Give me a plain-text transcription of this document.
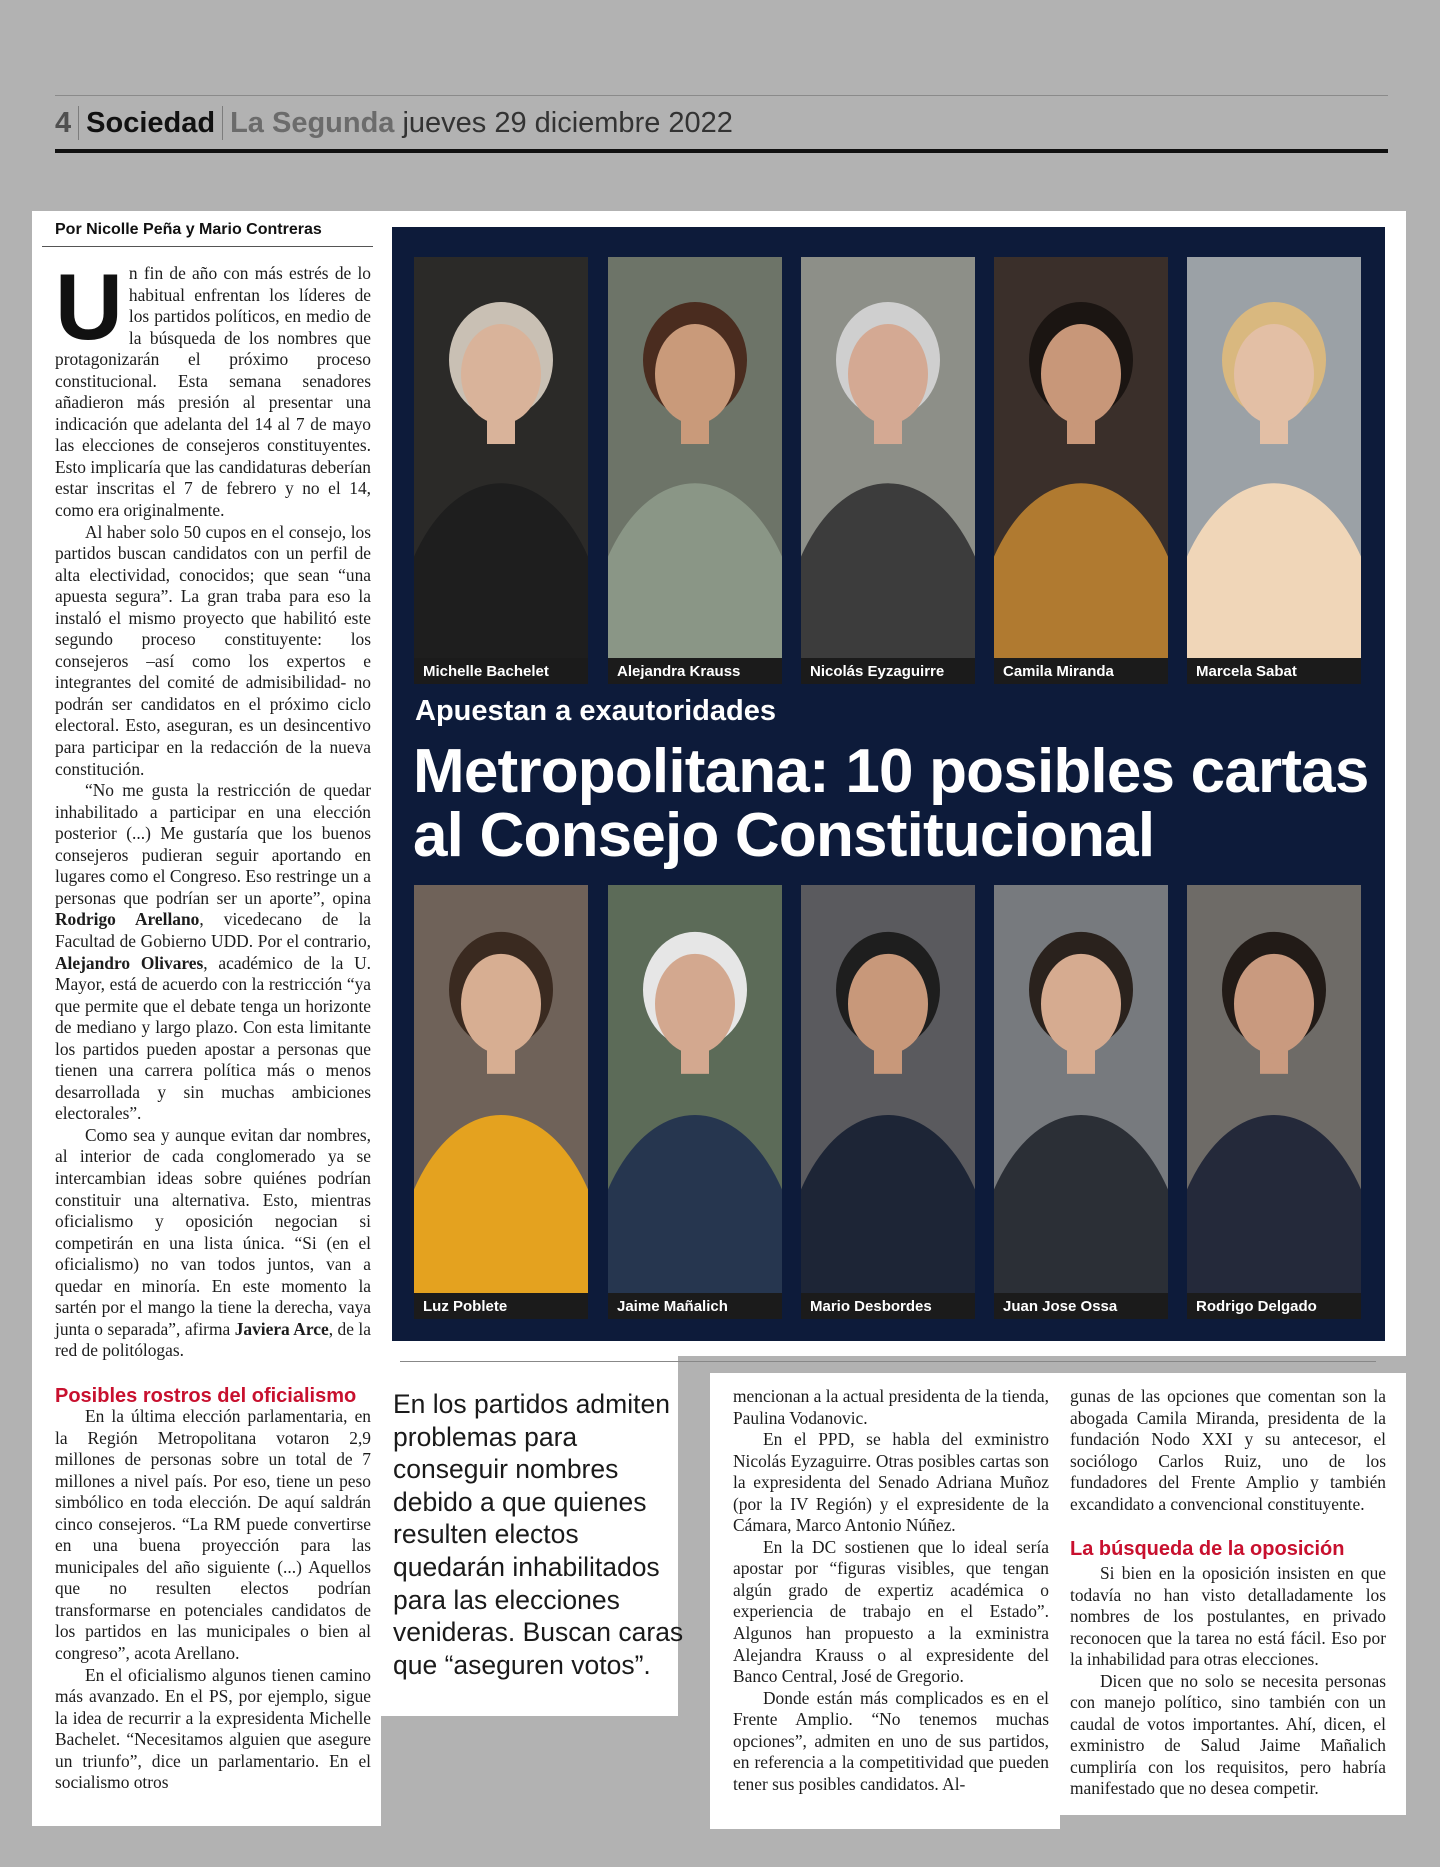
4 Sociedad La Segunda jueves 29 diciembre 2022
Por Nicolle Peña y Mario Contreras
Michelle Bachelet	Alejandra Krauss	Nicolás Eyzaguirre	Camila Miranda	Marcela Sabat
Luz Poblete	Jaime Mañalich	Mario Desbordes	Juan Jose Ossa	Rodrigo Delgado
Apuestan a exautoridades
Metropolitana: 10 posibles cartas al Consejo Constitucional

Un fin de año con más estrés de lo habitual enfrentan los líderes de los partidos políticos, en medio de la búsqueda de los nombres que protagonizarán el próximo proceso constitucional. Esta semana senadores añadieron más presión al presentar una indicación que adelanta del 14 al 7 de mayo las elecciones de consejeros constituyentes. Esto implicaría que las candidaturas deberían estar inscritas el 7 de febrero y no el 14, como era originalmente.

Al haber solo 50 cupos en el consejo, los partidos buscan candidatos con un perfil de alta electividad, conocidos; que sean “una apuesta segura”. La gran traba para eso la instaló el mismo proyecto que habilitó este segundo proceso constituyente: los consejeros –así como los expertos e integrantes del comité de admisibilidad- no podrán ser candidatos en el próximo ciclo electoral. Esto, aseguran, es un desincentivo para participar en la redacción de la nueva constitución.

“No me gusta la restricción de quedar inhabilitado a participar en una elección posterior (...) Me gustaría que los buenos consejeros pudieran seguir aportando en lugares como el Congreso. Eso restringe un a personas que podrían ser un aporte”, opina Rodrigo Arellano, vicedecano de la Facultad de Gobierno UDD. Por el contrario, Alejandro Olivares, académico de la U. Mayor, está de acuerdo con la restricción “ya que permite que el debate tenga un horizonte de mediano y largo plazo. Con esta limitante los partidos pueden apostar a personas que tienen una carrera política más o menos desarrollada y sin muchas ambiciones electorales”.

Como sea y aunque evitan dar nombres, al interior de cada conglomerado ya se intercambian ideas sobre quiénes podrían constituir una alternativa. Esto, mientras oficialismo y oposición negocian si competirán en una lista única. “Si (en el oficialismo) no van todos juntos, van a quedar en minoría. En este momento la sartén por el mango la tiene la derecha, vaya junta o separada”, afirma Javiera Arce, de la red de politólogas.

Posibles rostros del oficialismo

En la última elección parlamentaria, en la Región Metropolitana votaron 2,9 millones de personas sobre un total de 7 millones a nivel país. Por eso, tiene un peso simbólico en toda elección. De aquí saldrán cinco consejeros. “La RM puede convertirse en una buena proyección para las municipales del año siguiente (...) Aquellos que no resulten electos podrían transformarse en potenciales candidatos de los partidos en las municipales o bien al congreso”, acota Arellano.

En el oficialismo algunos tienen camino más avanzado. En el PS, por ejemplo, sigue la idea de recurrir a la expresidenta Michelle Bachelet. “Necesitamos alguien que asegure un triunfo”, dice un parlamentario. En el socialismo otros

En los partidos admiten problemas para conseguir nombres debido a que quienes resulten electos quedarán inhabilitados para las elecciones venideras. Buscan caras que “aseguren votos”.

mencionan a la actual presidenta de la tienda, Paulina Vodanovic.

En el PPD, se habla del exministro Nicolás Eyzaguirre. Otras posibles cartas son la expresidenta del Senado Adriana Muñoz (por la IV Región) y el expresidente de la Cámara, Marco Antonio Núñez.

En la DC sostienen que lo ideal sería apostar por “figuras visibles, que tengan algún grado de expertiz académica o experiencia de trabajo en el Estado”. Algunos han propuesto a la exministra Alejandra Krauss o al expresidente del Banco Central, José de Gregorio.

Donde están más complicados es en el Frente Amplio. “No tenemos muchas opciones”, admiten en uno de sus partidos, en referencia a la competitividad que pueden tener sus posibles candidatos. Al-

gunas de las opciones que comentan son la abogada Camila Miranda, presidenta de la fundación Nodo XXI y su antecesor, el sociólogo Carlos Ruiz, uno de los fundadores del Frente Amplio y también excandidato a convencional constituyente.

La búsqueda de la oposición

Si bien en la oposición insisten en que todavía no han visto detalladamente los nombres de los postulantes, en privado reconocen que la tarea no está fácil. Eso por la inhabilidad para otras elecciones.

Dicen que no solo se necesita personas con manejo político, sino también con un caudal de votos importantes. Ahí, dicen, el exministro de Salud Jaime Mañalich cumpliría con los requisitos, pero habría manifestado que no desea competir.
